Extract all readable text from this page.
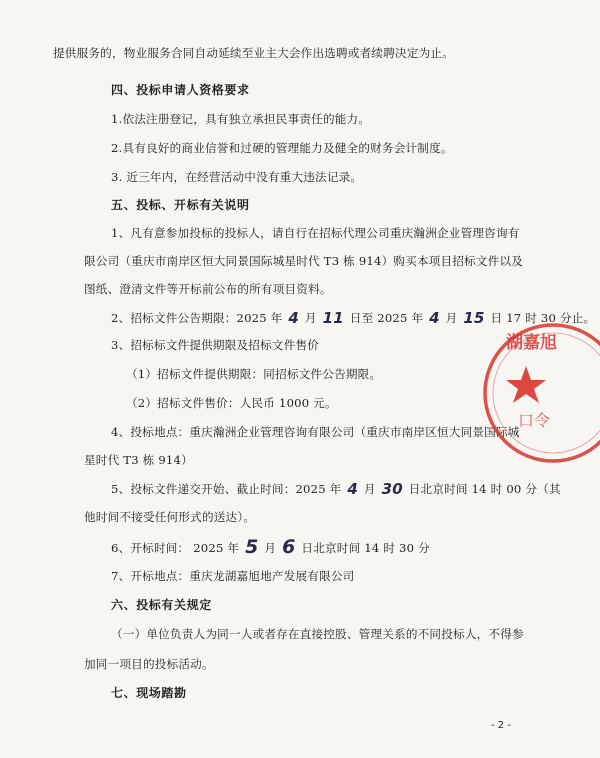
提供服务的，物业服务合同自动延续至业主大会作出选聘或者续聘决定为止。
四、投标申请人资格要求
1.依法注册登记，具有独立承担民事责任的能力。
2.具有良好的商业信誉和过硬的管理能力及健全的财务会计制度。
3. 近三年内，在经营活动中没有重大违法记录。
五、投标、开标有关说明
1、凡有意参加投标的投标人，请自行在招标代理公司重庆瀚洲企业管理咨询有
限公司（重庆市南岸区恒大同景国际城星时代 T3 栋 914）购买本项目招标文件以及
图纸、澄清文件等开标前公布的所有项目资料。
2、招标文件公告期限：2025 年 4 月 11 日至 2025 年 4 月 15 日 17 时 30 分止。
3、招标标文件提供期限及招标文件售价
（1）招标文件提供期限：同招标文件公告期限。
（2）招标文件售价：人民币 1000 元。
4、投标地点：重庆瀚洲企业管理咨询有限公司（重庆市南岸区恒大同景国际城
星时代 T3 栋 914）
5、投标文件递交开始、截止时间：2025 年 4 月 30 日北京时间 14 时 00 分（其
他时间不接受任何形式的送达）。
6、开标时间： 2025 年 5 月 6 日北京时间 14 时 30 分
7、开标地点：重庆龙湖嘉旭地产发展有限公司
六、投标有关规定
（一）单位负责人为同一人或者存在直接控股、管理关系的不同投标人，不得参
加同一项目的投标活动。
七、现场踏勘
- 2 -
湖嘉旭
口令
